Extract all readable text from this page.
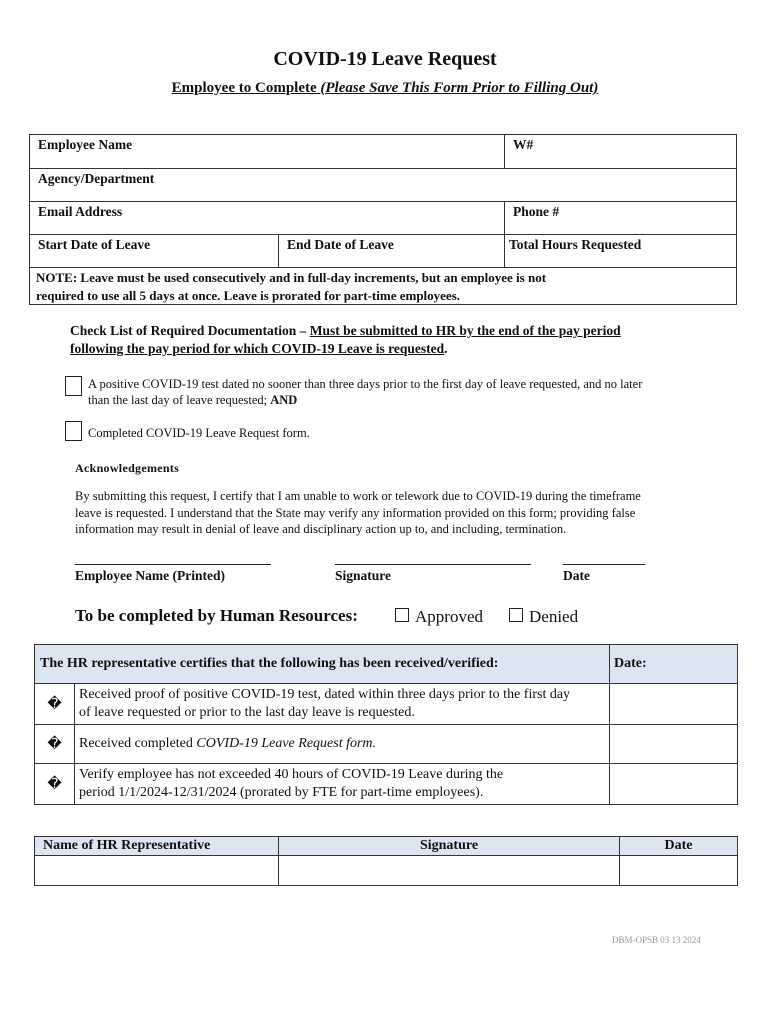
COVID-19 Leave Request
Employee to Complete (Please Save This Form Prior to Filling Out)
Employee Name	W#
Agency/Department
Email Address	Phone #
Start Date of Leave	End Date of Leave	Total Hours Requested
NOTE: Leave must be used consecutively and in full-day increments, but an employee is not
required to use all 5 days at once. Leave is prorated for part-time employees.
Check List of Required Documentation – Must be submitted to HR by the end of the pay period
following the pay period for which COVID-19 Leave is requested.
A positive COVID-19 test dated no sooner than three days prior to the first day of leave requested, and no later
than the last day of leave requested; AND
Completed COVID-19 Leave Request form.
Acknowledgements
By submitting this request, I certify that I am unable to work or telework due to COVID-19 during the timeframe
leave is requested. I understand that the State may verify any information provided on this form; providing false
information may result in denial of leave and disciplinary action up to, and including, termination.
Employee Name (Printed)	Signature	Date
To be completed by Human Resources:	Approved	Denied
The HR representative certifies that the following has been received/verified:		Date:
�	Received proof of positive COVID-19 test, dated within three days prior to the first day
of leave requested or prior to the last day leave is requested.	

�	Received completed COVID-19 Leave Request form.	
�	Verify employee has not exceeded 40 hours of COVID-19 Leave during the
period 1/1/2024-12/31/2024 (prorated by FTE for part-time employees).	

Name of HR Representative	Signature	Date

DBM-OPSB 03 13 2024
